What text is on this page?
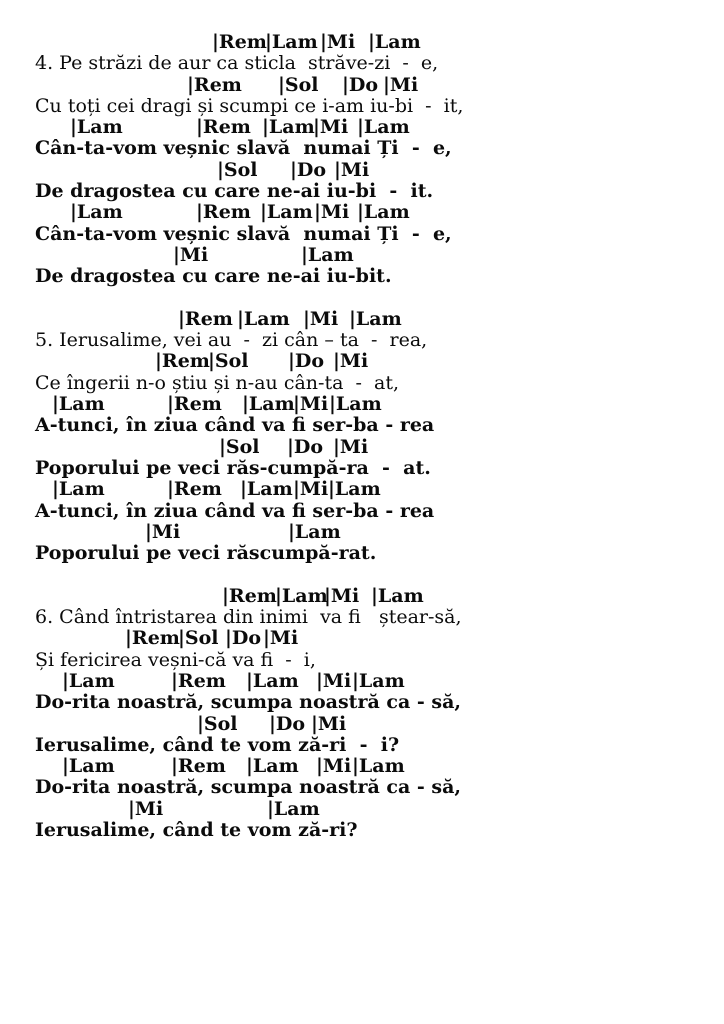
|Rem
|Lam |Mi |Lam
4. Pe străzi de aur ca sticla  străve-zi  -  e,
|Rem |Sol |Do |Mi
Cu toți cei dragi și scumpi ce i-am iu-bi  -  it,
|Lam	|Rem |Lam
|Mi |Lam
Cân-ta-vom veșnic slavă  numai Ți  -  e,
|Sol |Do |Mi
De dragostea cu care ne-ai iu-bi  -  it.
|Lam	|Rem |Lam |Mi |Lam
Cân-ta-vom veșnic slavă  numai Ți  -  e,
|Mi	|Lam
De dragostea cu care ne-ai iu-bit.
|Rem |Lam |Mi |Lam
5. Ierusalime, vei au  -  zi cân – ta  -  rea,
|Rem
|Sol |Do |Mi
Ce îngerii n-o știu și n-au cân-ta  -  at,
|Lam	|Rem |Lam
|Mi |Lam
A-tunci, în ziua când va fi ser-ba - rea
|Sol |Do |Mi
Poporului pe veci răs-cumpă-ra  -  at.
|Lam	|Rem |Lam |Mi |Lam
A-tunci, în ziua când va fi ser-ba - rea
|Mi	|Lam
Poporului pe veci răscumpă-rat.
|Rem
|Lam
|Mi |Lam
6. Când întristarea din inimi  va fi   ștear-să,
|Rem
|Sol |Do |Mi
Și fericirea veșni-că va fi  -  i,
|Lam	|Rem |Lam |Mi |Lam
Do-rita noastră, scumpa noastră ca - să,
|Sol |Do |Mi
Ierusalime, când te vom ză-ri  -  i?
|Lam	|Rem |Lam |Mi |Lam
Do-rita noastră, scumpa noastră ca - să,
|Mi	|Lam
Ierusalime, când te vom ză-ri?
